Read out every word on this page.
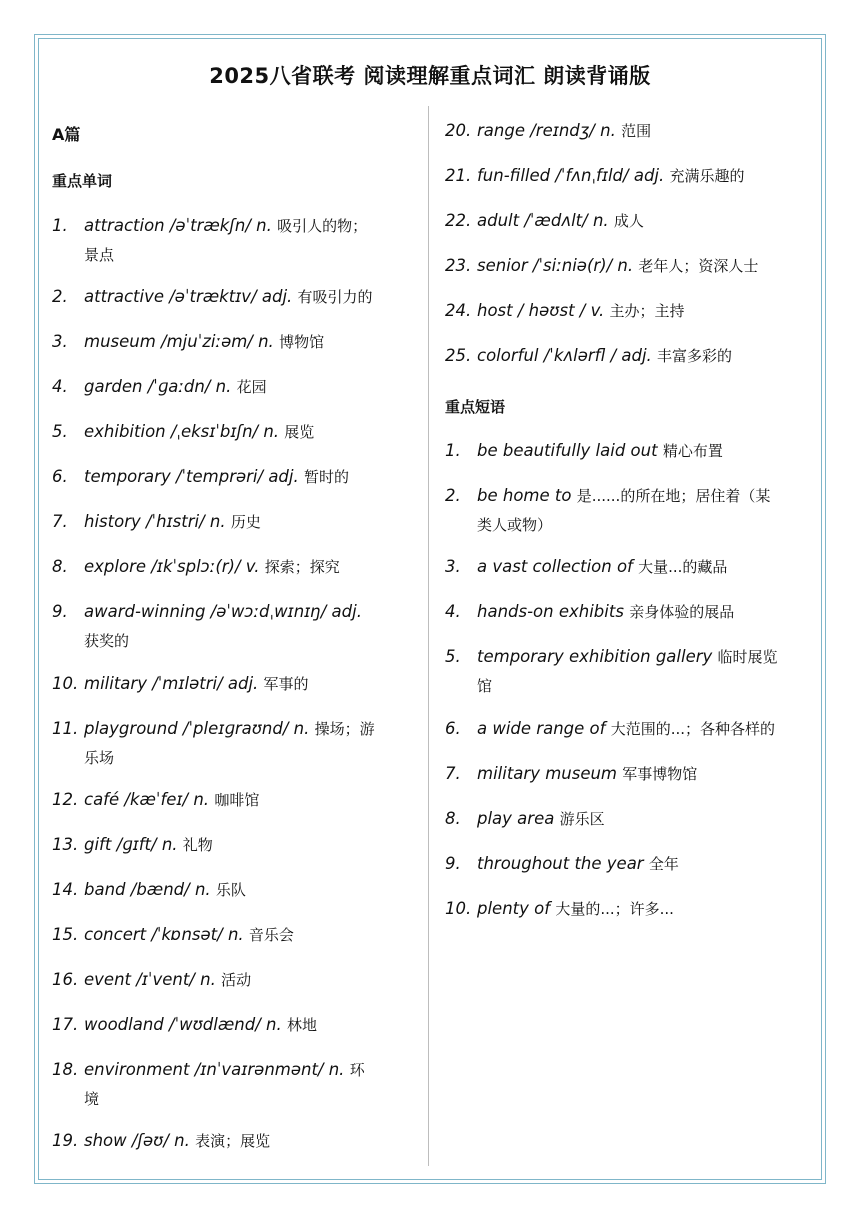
2025八省联考 阅读理解重点词汇 朗读背诵版
A篇
重点单词
1. attraction /əˈtrækʃn/ n. 吸引人的物；
景点
2. attractive /əˈtræktɪv/ adj. 有吸引力的
3. museum /mjuˈziːəm/ n. 博物馆
4. garden /ˈɡaːdn/ n. 花园
5. exhibition /ˌeksɪˈbɪʃn/ n. 展览
6. temporary /ˈtemprəri/ adj. 暂时的
7. history /ˈhɪstri/ n. 历史
8. explore /ɪkˈsplɔː(r)/ v. 探索；探究
9. award-winning /əˈwɔːdˌwɪnɪŋ/ adj.
获奖的
10. military /ˈmɪlətri/ adj. 军事的
11. playground /ˈpleɪɡraʊnd/ n. 操场；游
乐场
12. café /kæˈfeɪ/ n. 咖啡馆
13. gift /ɡɪft/ n. 礼物
14. band /bænd/ n. 乐队
15. concert /ˈkɒnsət/ n. 音乐会
16. event /ɪˈvent/ n. 活动
17. woodland /ˈwʊdlænd/ n. 林地
18. environment /ɪnˈvaɪrənmənt/ n. 环
境
19. show /ʃəʊ/ n. 表演；展览
重点短语
20. range /reɪndʒ/ n. 范围
21. fun-filled /ˈfʌnˌfɪld/ adj. 充满乐趣的
22. adult /ˈædʌlt/ n. 成人
23. senior /ˈsiːniə(r)/ n. 老年人；资深人士
24. host / həʊst / v. 主办；主持
25. colorful /ˈkʌlərfl / adj. 丰富多彩的
1. be beautifully laid out 精心布置
2. be home to 是......的所在地；居住着（某
类人或物）
3. a vast collection of 大量...的藏品
4. hands-on exhibits 亲身体验的展品
5. temporary exhibition gallery 临时展览
馆
6. a wide range of 大范围的...；各种各样的
7. military museum 军事博物馆
8. play area 游乐区
9. throughout the year 全年
10. plenty of 大量的...；许多...
